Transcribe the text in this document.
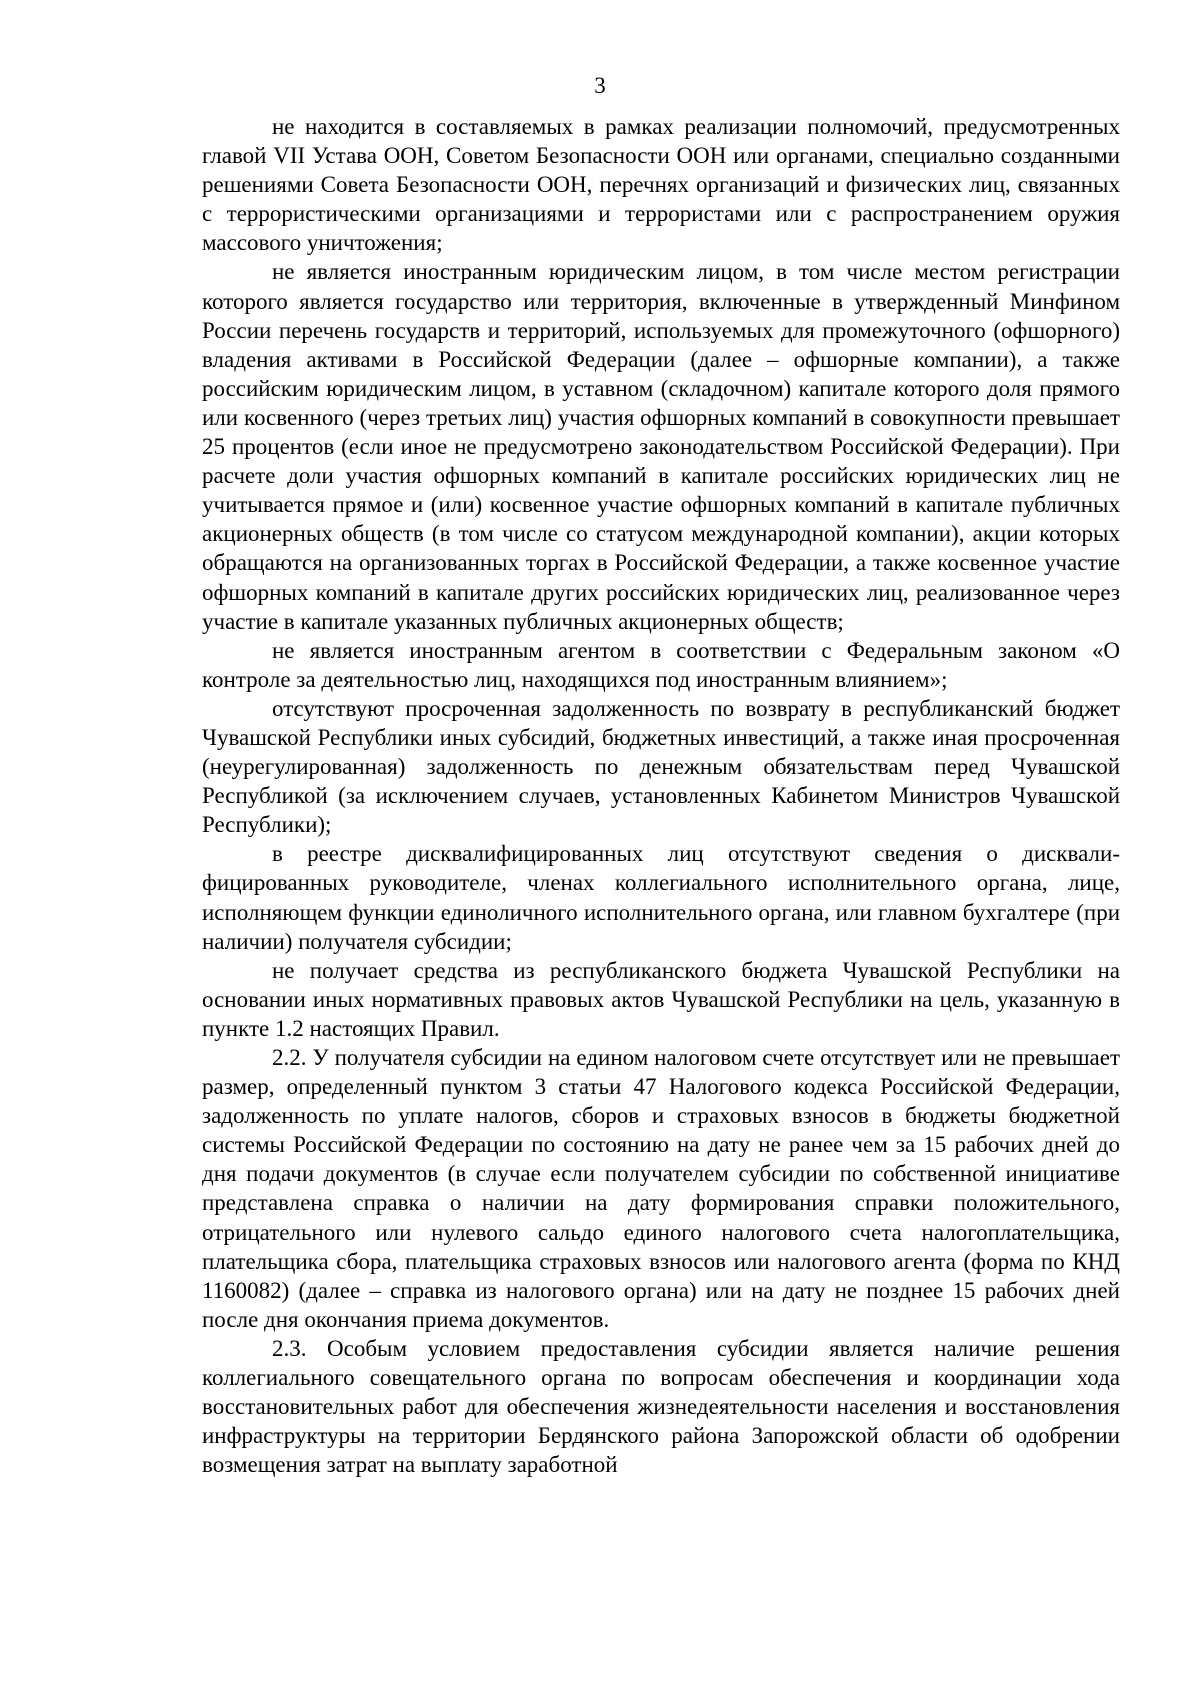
3

не находится в составляемых в рамках реализации полномочий, предусмотренных главой VII Устава ООН, Советом Безопасности ООН или органами, специально созданными решениями Совета Безопасности ООН, перечнях организаций и физических лиц, связанных с террористическими организациями и террористами или с распространением оружия массового уничтожения;

не является иностранным юридическим лицом, в том числе местом регистрации которого является государство или территория, включенные в утвержденный Минфином России перечень государств и территорий, используемых для промежуточного (офшорного) владения активами в Российской Федерации (далее – офшорные компании), а также российским юридическим лицом, в уставном (складочном) капитале которого доля прямого или косвенного (через третьих лиц) участия офшорных компаний в совокупности превышает 25 процентов (если иное не предусмотрено законодательством Российской Федерации). При расчете доли участия офшорных компаний в капитале российских юридических лиц не учитывается прямое и (или) косвенное участие офшорных компаний в капитале публичных акционерных обществ (в том числе со статусом международной компании), акции которых обращаются на организованных торгах в Российской Федерации, а также косвенное участие офшорных компаний в капитале других российских юридических лиц, реализованное через участие в капитале указанных публичных акционерных обществ;

не является иностранным агентом в соответствии с Федеральным законом «О контроле за деятельностью лиц, находящихся под иностранным влиянием»;

отсутствуют просроченная задолженность по возврату в республиканский бюджет Чувашской Республики иных субсидий, бюджетных инвестиций, а также иная просроченная (неурегулированная) задолженность по денежным обязательствам перед Чувашской Республикой (за исключением случаев, установленных Кабинетом Министров Чувашской Республики);

в реестре дисквалифицированных лиц отсутствуют сведения о дисквалифицированных руководителе, членах коллегиального исполнительного органа, лице, исполняющем функции единоличного исполнительного органа, или главном бухгалтере (при наличии) получателя субсидии;

не получает средства из республиканского бюджета Чувашской Республики на основании иных нормативных правовых актов Чувашской Республики на цель, указанную в пункте 1.2 настоящих Правил.

2.2. У получателя субсидии на едином налоговом счете отсутствует или не превышает размер, определенный пунктом 3 статьи 47 Налогового кодекса Российской Федерации, задолженность по уплате налогов, сборов и страховых взносов в бюджеты бюджетной системы Российской Федерации по состоянию на дату не ранее чем за 15 рабочих дней до дня подачи документов (в случае если получателем субсидии по собственной инициативе представлена справка о наличии на дату формирования справки положительного, отрицательного или нулевого сальдо единого налогового счета налогоплательщика, плательщика сбора, плательщика страховых взносов или налогового агента (форма по КНД 1160082) (далее – справка из налогового органа) или на дату не позднее 15 рабочих дней после дня окончания приема документов.

2.3. Особым условием предоставления субсидии является наличие решения коллегиального совещательного органа по вопросам обеспечения и координации хода восстановительных работ для обеспечения жизнедеятельности населения и восстановления инфраструктуры на территории Бердянского района Запорожской области об одобрении возмещения затрат на выплату заработной
